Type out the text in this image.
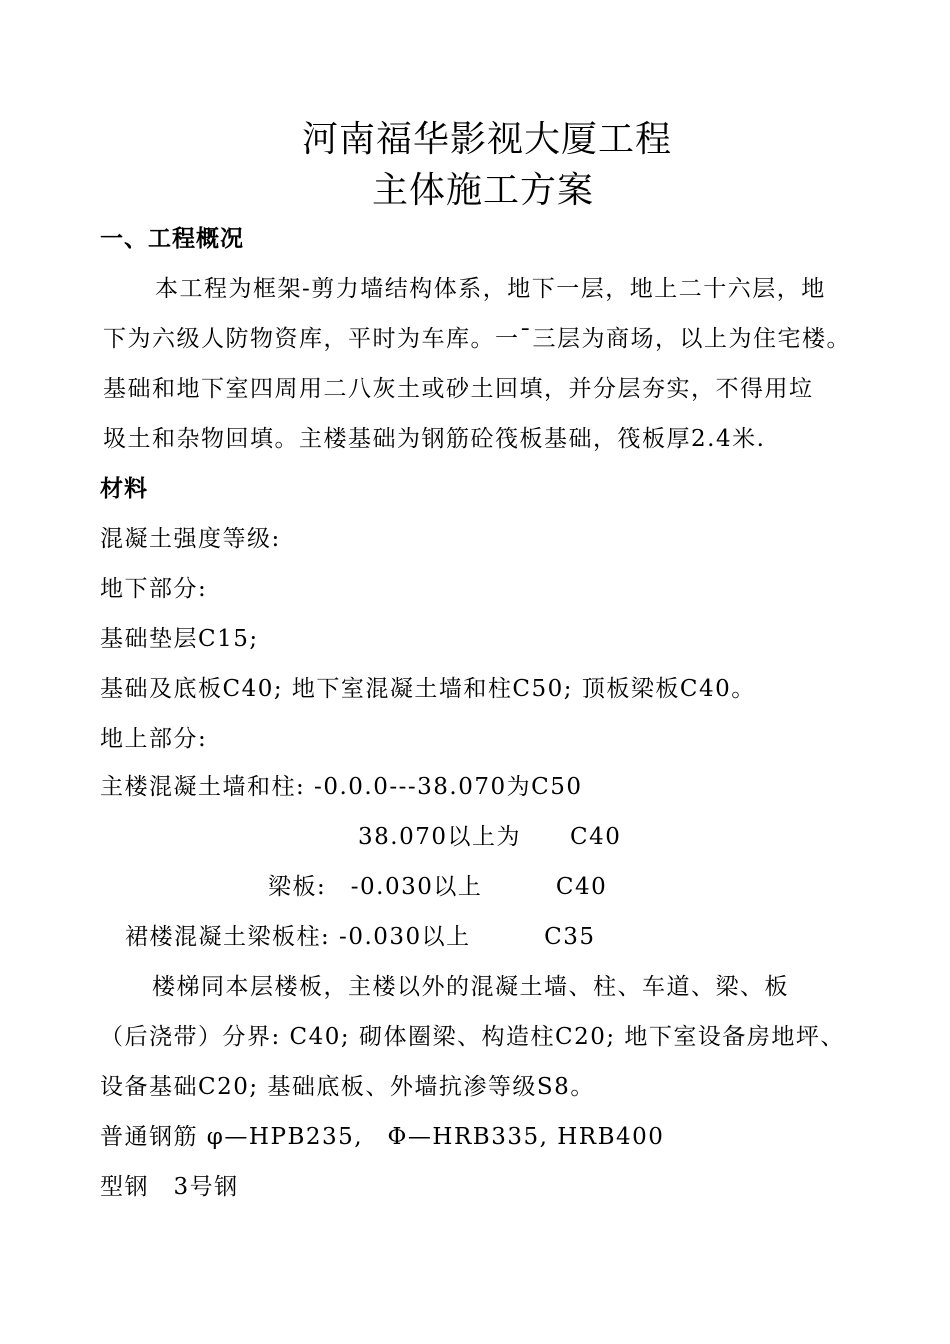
河南福华影视大厦工程
主体施工方案
一、工程概况
本工程为框架-剪力墙结构体系，地下一层，地上二十六层，地
下为六级人防物资库，平时为车库。一¯三层为商场，以上为住宅楼。
基础和地下室四周用二八灰土或砂土回填，并分层夯实，不得用垃
圾土和杂物回填。主楼基础为钢筋砼筏板基础，筏板厚2.4米.
材料
混凝土强度等级:
地下部分:
基础垫层C15;
基础及底板C40; 地下室混凝土墙和柱C50; 顶板梁板C40。
地上部分:
主楼混凝土墙和柱: -0.0.0---38.070为C50
38.070以上为　　C40
梁板:　-0.030以上　　　C40
裙楼混凝土梁板柱: -0.030以上　　　C35
楼梯同本层楼板，主楼以外的混凝土墙、柱、车道、梁、板
（后浇带）分界: C40; 砌体圈梁、构造柱C20; 地下室设备房地坪、
设备基础C20; 基础底板、外墙抗渗等级S8。
普通钢筋 φ—HPB235,　Φ—HRB335, HRB400
型钢　3号钢
